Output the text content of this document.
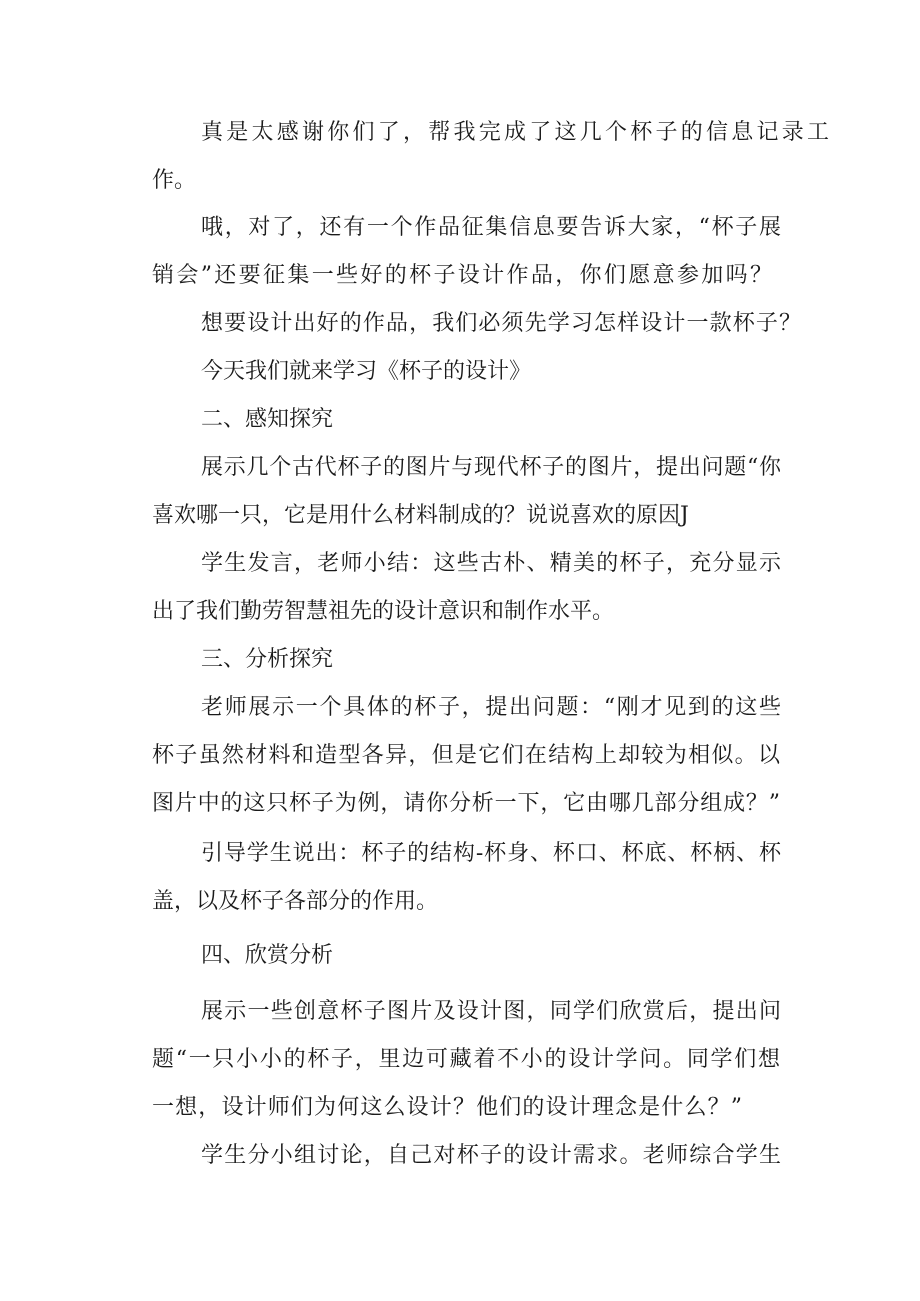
真是太感谢你们了，帮我完成了这几个杯子的信息记录工
作。
哦，对了，还有一个作品征集信息要告诉大家，“杯子展
销会”还要征集一些好的杯子设计作品，你们愿意参加吗？
想要设计出好的作品，我们必须先学习怎样设计一款杯子？
今天我们就来学习《杯子的设计》
二、感知探究
展示几个古代杯子的图片与现代杯子的图片，提出问题“你
喜欢哪一只，它是用什么材料制成的？说说喜欢的原因J
学生发言，老师小结：这些古朴、精美的杯子，充分显示
出了我们勤劳智慧祖先的设计意识和制作水平。
三、分析探究
老师展示一个具体的杯子，提出问题：“刚才见到的这些
杯子虽然材料和造型各异，但是它们在结构上却较为相似。以
图片中的这只杯子为例，请你分析一下，它由哪几部分组成？”
引导学生说出：杯子的结构-杯身、杯口、杯底、杯柄、杯
盖，以及杯子各部分的作用。
四、欣赏分析
展示一些创意杯子图片及设计图，同学们欣赏后，提出问
题“一只小小的杯子，里边可藏着不小的设计学问。同学们想
一想，设计师们为何这么设计？他们的设计理念是什么？”
学生分小组讨论，自己对杯子的设计需求。老师综合学生
